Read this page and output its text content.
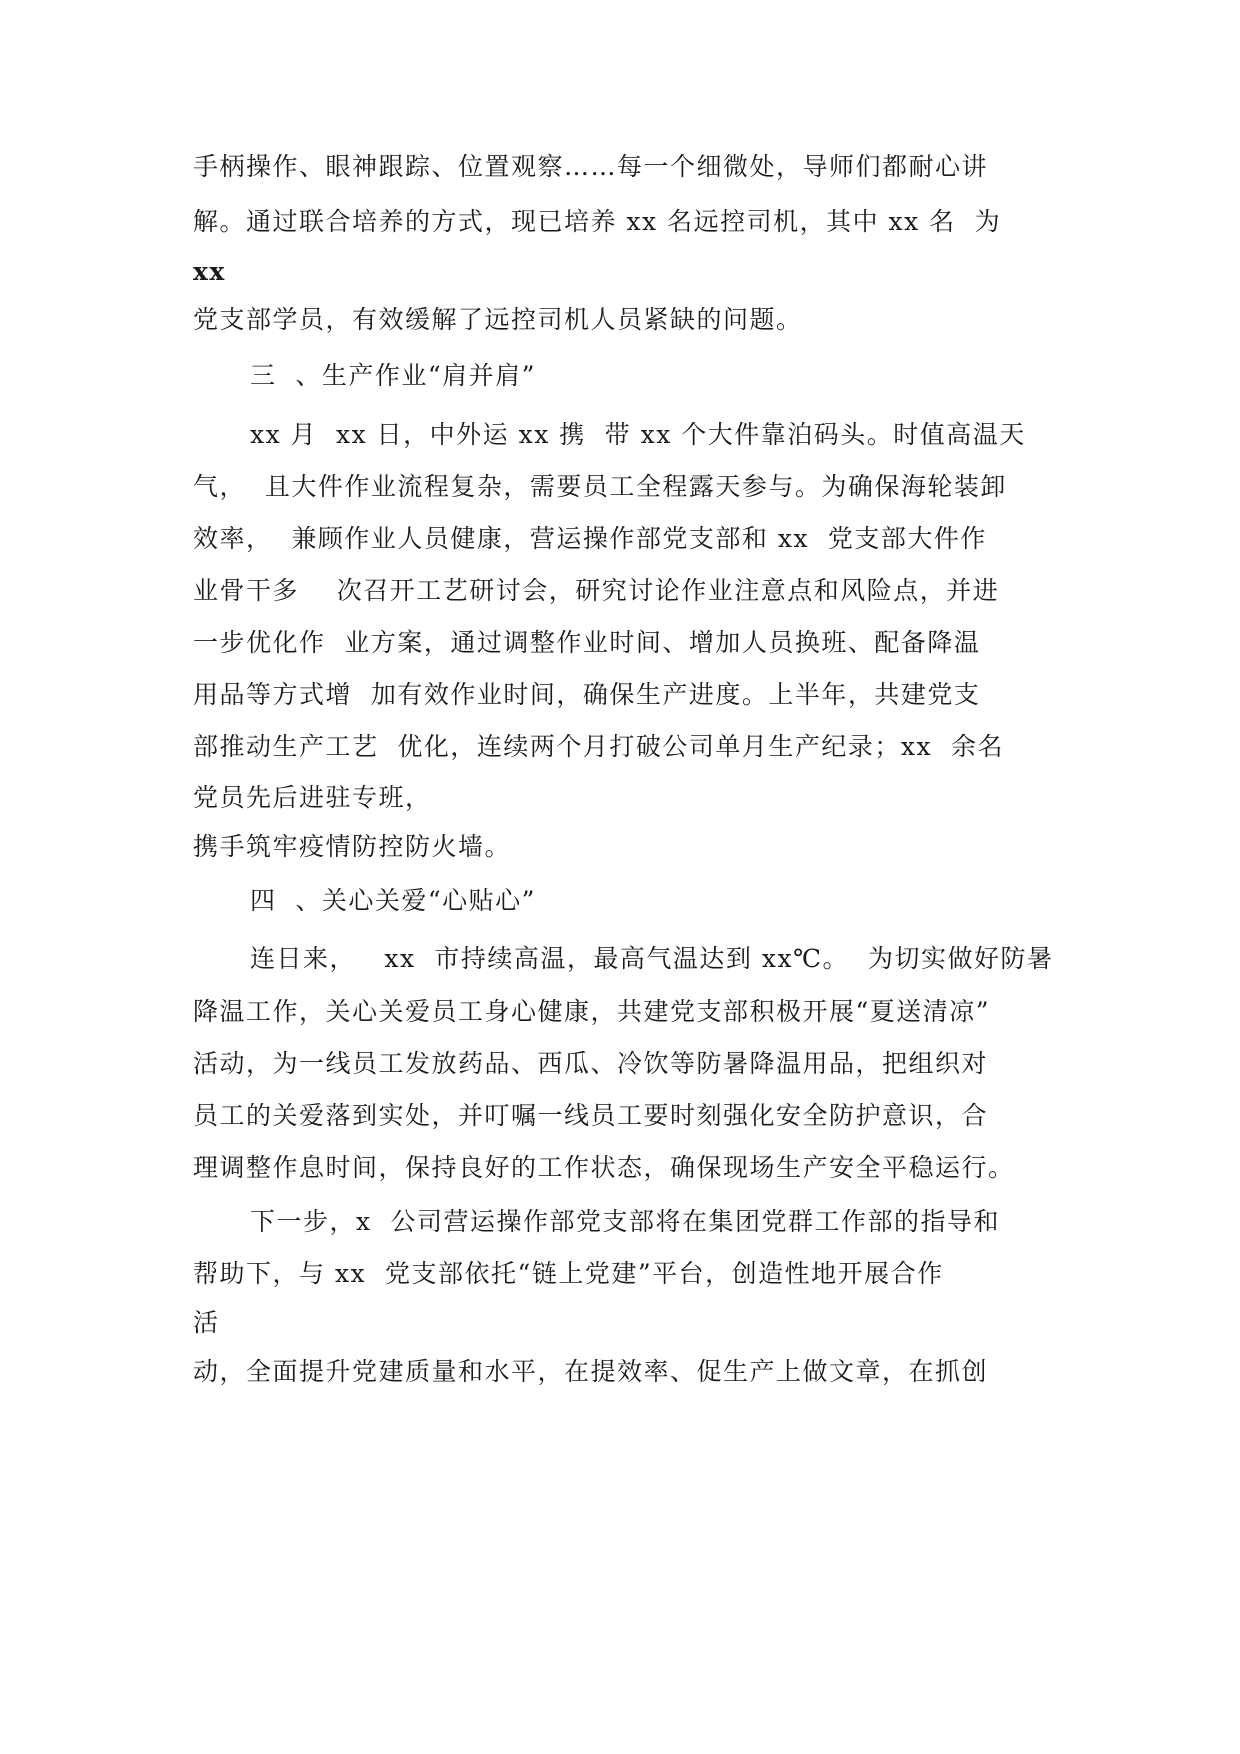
手柄操作、眼神跟踪、位置观察……每一个细微处，导师们都耐心讲
解。通过联合培养的方式，现已培养 xx 名远控司机，其中 xx 名  为
xx
党支部学员，有效缓解了远控司机人员紧缺的问题。
三  、生产作业“肩并肩”
xx 月  xx 日，中外运 xx 携  带 xx 个大件靠泊码头。时值高温天
气，  且大件作业流程复杂，需要员工全程露天参与。为确保海轮装卸
效率，  兼顾作业人员健康，营运操作部党支部和 xx  党支部大件作
业骨干多    次召开工艺研讨会，研究讨论作业注意点和风险点，并进
一步优化作  业方案，通过调整作业时间、增加人员换班、配备降温
用品等方式增  加有效作业时间，确保生产进度。上半年，共建党支
部推动生产工艺  优化，连续两个月打破公司单月生产纪录；xx  余名
党员先后进驻专班，
携手筑牢疫情防控防火墙。
四  、关心关爱“心贴心”
连日来，   xx  市持续高温，最高气温达到 xx℃。  为切实做好防暑
降温工作，关心关爱员工身心健康，共建党支部积极开展“夏送清凉”
活动，为一线员工发放药品、西瓜、冷饮等防暑降温用品，把组织对
员工的关爱落到实处，并叮嘱一线员工要时刻强化安全防护意识，合
理调整作息时间，保持良好的工作状态，确保现场生产安全平稳运行。
下一步，x  公司营运操作部党支部将在集团党群工作部的指导和
帮助下，与 xx  党支部依托“链上党建”平台，创造性地开展合作
活
动，全面提升党建质量和水平，在提效率、促生产上做文章，在抓创
